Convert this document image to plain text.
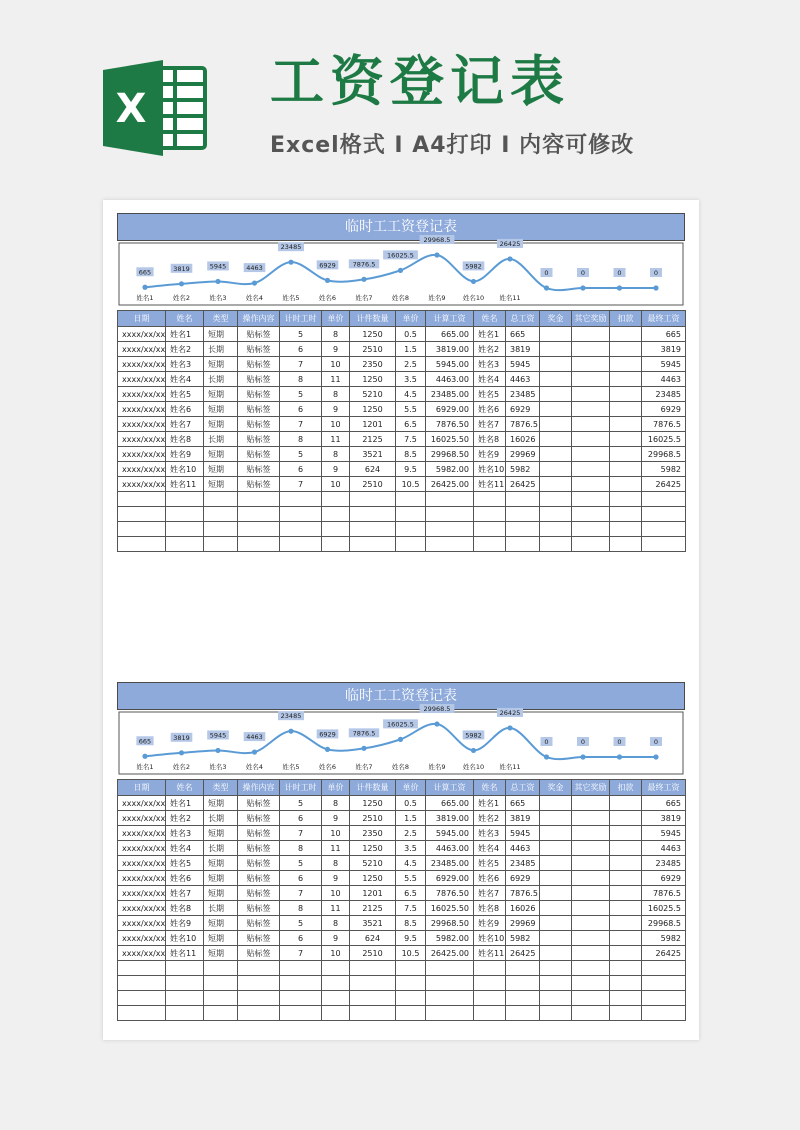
X 工资登记表
Excel格式 I A4打印 I 内容可修改
临时工工资登记表
665	3819	5945	4463
23485
6929	7876.5
16025.5
29968.5
5982
26425
0	0	0	0
姓名1	姓名2	姓名3	姓名4	姓名5	姓名6	姓名7	姓名8	姓名9	姓名10 姓名11
日期	姓名	类型	操作内容	计时工时	单价	计件数量	单价	计算工资	姓名	总工资	奖金	其它奖励	扣款	最终工资
xxxx/xx/xx	姓名1	短期	贴标签	5	8	1250	0.5	665.00	姓名1	665				665
xxxx/xx/xx	姓名2	长期	贴标签	6	9	2510	1.5	3819.00	姓名2	3819				3819
xxxx/xx/xx	姓名3	短期	贴标签	7	10	2350	2.5	5945.00	姓名3	5945				5945
xxxx/xx/xx	姓名4	长期	贴标签	8	11	1250	3.5	4463.00	姓名4	4463				4463
xxxx/xx/xx	姓名5	短期	贴标签	5	8	5210	4.5	23485.00	姓名5	23485				23485
xxxx/xx/xx	姓名6	短期	贴标签	6	9	1250	5.5	6929.00	姓名6	6929				6929
xxxx/xx/xx	姓名7	短期	贴标签	7	10	1201	6.5	7876.50	姓名7	7876.5				7876.5
xxxx/xx/xx	姓名8	长期	贴标签	8	11	2125	7.5	16025.50	姓名8	16026				16025.5
xxxx/xx/xx	姓名9	短期	贴标签	5	8	3521	8.5	29968.50	姓名9	29969				29968.5
xxxx/xx/xx	姓名10	短期	贴标签	6	9	624	9.5	5982.00	姓名10	5982				5982
xxxx/xx/xx	姓名11	短期	贴标签	7	10	2510	10.5	26425.00	姓名11	26425				26425

临时工工资登记表
665	3819	5945	4463
23485
6929	7876.5
16025.5
29968.5
5982
26425
0	0	0	0
姓名1	姓名2	姓名3	姓名4	姓名5	姓名6	姓名7	姓名8	姓名9	姓名10 姓名11
日期	姓名	类型	操作内容	计时工时	单价	计件数量	单价	计算工资	姓名	总工资	奖金	其它奖励	扣款	最终工资
xxxx/xx/xx	姓名1	短期	贴标签	5	8	1250	0.5	665.00	姓名1	665				665
xxxx/xx/xx	姓名2	长期	贴标签	6	9	2510	1.5	3819.00	姓名2	3819				3819
xxxx/xx/xx	姓名3	短期	贴标签	7	10	2350	2.5	5945.00	姓名3	5945				5945
xxxx/xx/xx	姓名4	长期	贴标签	8	11	1250	3.5	4463.00	姓名4	4463				4463
xxxx/xx/xx	姓名5	短期	贴标签	5	8	5210	4.5	23485.00	姓名5	23485				23485
xxxx/xx/xx	姓名6	短期	贴标签	6	9	1250	5.5	6929.00	姓名6	6929				6929
xxxx/xx/xx	姓名7	短期	贴标签	7	10	1201	6.5	7876.50	姓名7	7876.5				7876.5
xxxx/xx/xx	姓名8	长期	贴标签	8	11	2125	7.5	16025.50	姓名8	16026				16025.5
xxxx/xx/xx	姓名9	短期	贴标签	5	8	3521	8.5	29968.50	姓名9	29969				29968.5
xxxx/xx/xx	姓名10	短期	贴标签	6	9	624	9.5	5982.00	姓名10	5982				5982
xxxx/xx/xx	姓名11	短期	贴标签	7	10	2510	10.5	26425.00	姓名11	26425				26425
